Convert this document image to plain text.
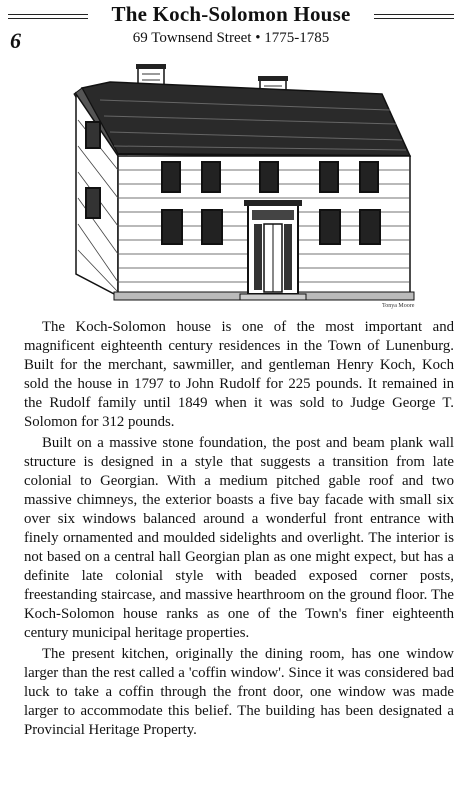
6
The Koch-Solomon House
69 Townsend Street • 1775-1785
Tonya Moore

The Koch-Solomon house is one of the most important and magnificent eighteenth century residences in the Town of Lunenburg. Built for the merchant, sawmiller, and gentleman Henry Koch, Koch sold the house in 1797 to John Rudolf for 225 pounds. It remained in the Rudolf family until 1849 when it was sold to Judge George T. Solomon for 312 pounds.

Built on a massive stone foundation, the post and beam plank wall structure is designed in a style that suggests a transition from late colonial to Georgian. With a medium pitched gable roof and two massive chimneys, the exterior boasts a five bay facade with small six over six windows balanced around a wonderful front entrance with finely ornamented and moulded sidelights and overlight. The interior is not based on a central hall Georgian plan as one might expect, but has a definite late colonial style with beaded exposed corner posts, freestanding staircase, and massive hearthroom on the ground floor. The Koch-Solomon house ranks as one of the Town's finer eighteenth century municipal heritage properties.

The present kitchen, originally the dining room, has one window larger than the rest called a 'coffin window'. Since it was considered bad luck to take a coffin through the front door, one window was made larger to accommodate this belief. The building has been designated a Provincial Heritage Property.
